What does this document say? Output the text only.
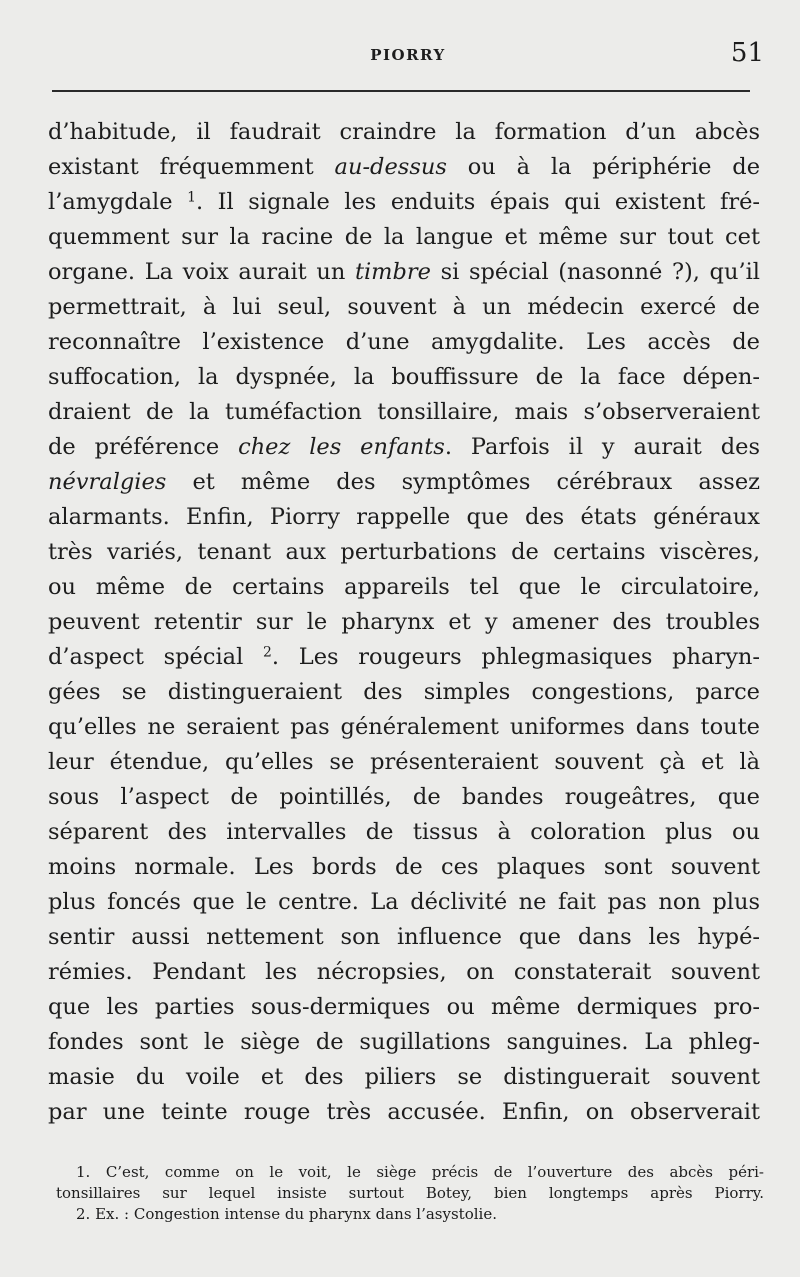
PIORRY	51
d’habitude, il faudrait craindre la formation d’un abcès
existant fréquemment au-dessus ou à la périphérie de
l’amygdale $^1$. Il signale les enduits épais qui existent fré-
quemment sur la racine de la langue et même sur tout cet
organe. La voix aurait un timbre si spécial (nasonné ?), qu’il
permettrait, à lui seul, souvent à un médecin exercé de
reconnaître l’existence d’une amygdalite. Les accès de
suffocation, la dyspnée, la bouffissure de la face dépen-
draient de la tuméfaction tonsillaire, mais s’observeraient
de préférence chez les enfants. Parfois il y aurait des
névralgies et même des symptômes cérébraux assez
alarmants. Enfin, Piorry rappelle que des états généraux
très variés, tenant aux perturbations de certains viscères,
ou même de certains appareils tel que le circulatoire,
peuvent retentir sur le pharynx et y amener des troubles
d’aspect spécial $^2$. Les rougeurs phlegmasiques pharyn-
gées se distingueraient des simples congestions, parce
qu’elles ne seraient pas généralement uniformes dans toute
leur étendue, qu’elles se présenteraient souvent çà et là
sous l’aspect de pointillés, de bandes rougeâtres, que
séparent des intervalles de tissus à coloration plus ou
moins normale. Les bords de ces plaques sont souvent
plus foncés que le centre. La déclivité ne fait pas non plus
sentir aussi nettement son influence que dans les hypé-
rémies. Pendant les nécropsies, on constaterait souvent
que les parties sous-dermiques ou même dermiques pro-
fondes sont le siège de sugillations sanguines. La phleg-
masie du voile et des piliers se distinguerait souvent
par une teinte rouge très accusée. Enfin, on observerait
1. C’est, comme on le voit, le siège précis de l’ouverture des abcès péri-
tonsillaires sur lequel insiste surtout Botey, bien longtemps après Piorry.
2. Ex. : Congestion intense du pharynx dans l’asystolie.
